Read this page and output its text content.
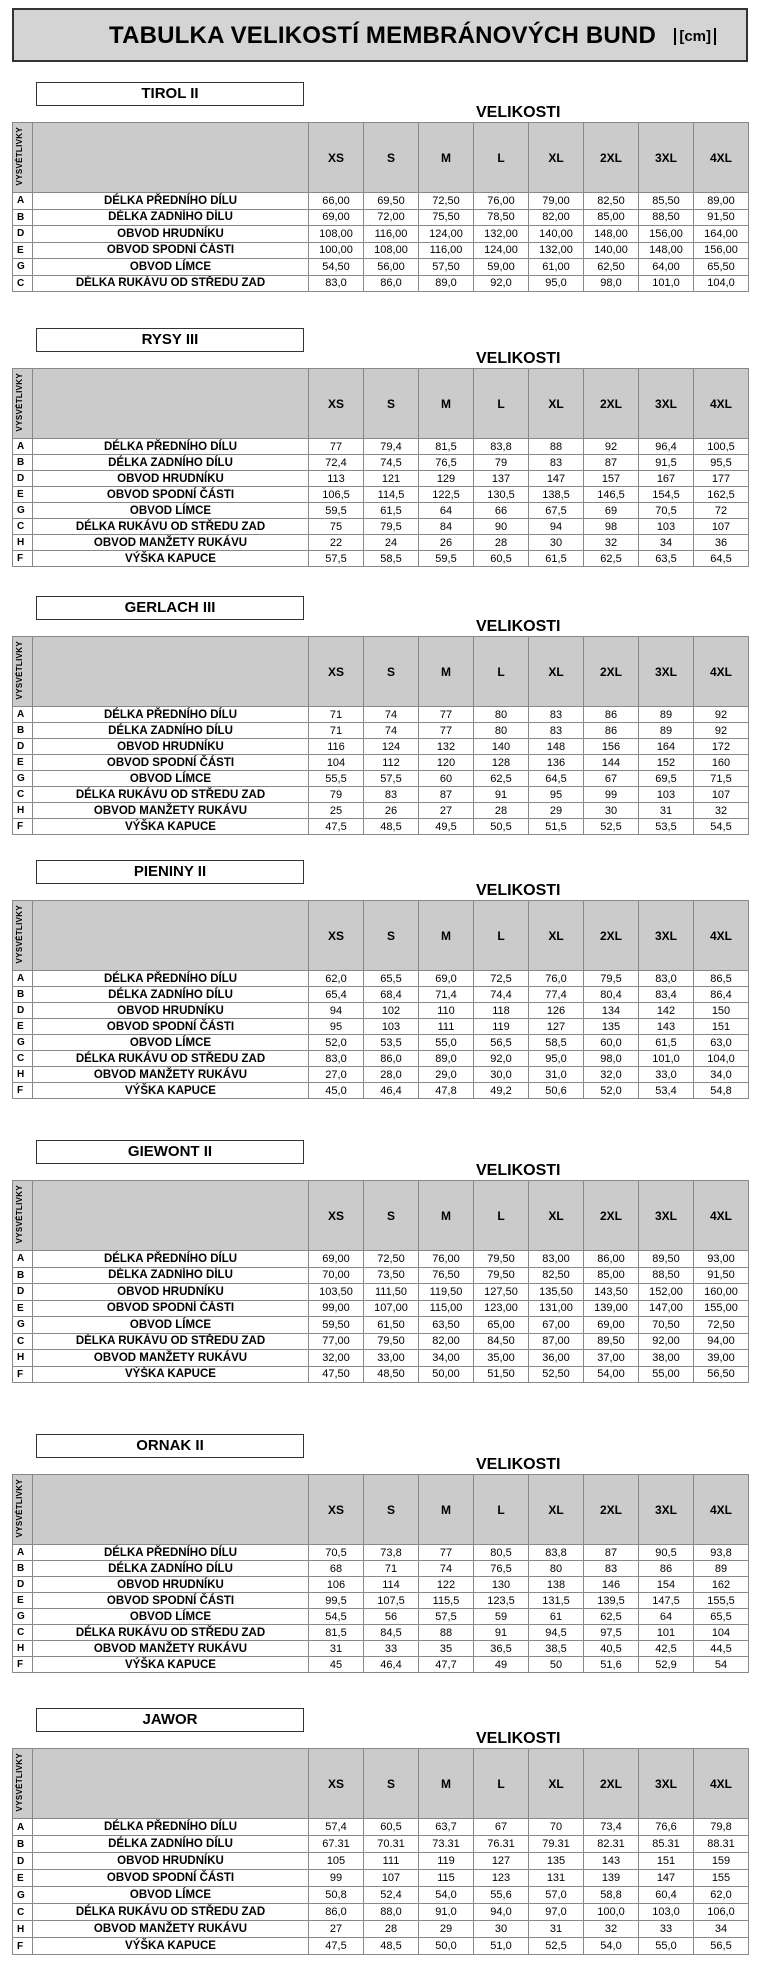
TABULKA VELIKOSTÍ MEMBRÁNOVÝCH BUND	[cm]
TIROL II
VELIKOSTI
VYSVĚTLIVKY		XS	S	M	L	XL	2XL	3XL	4XL
A	DÉLKA PŘEDNÍHO DÍLU	66,00	69,50	72,50	76,00	79,00	82,50	85,50	89,00
B	DÉLKA ZADNÍHO DÍLU	69,00	72,00	75,50	78,50	82,00	85,00	88,50	91,50
D	OBVOD HRUDNÍKU	108,00	116,00	124,00	132,00	140,00	148,00	156,00	164,00
E	OBVOD SPODNÍ ČÁSTI	100,00	108,00	116,00	124,00	132,00	140,00	148,00	156,00
G	OBVOD LÍMCE	54,50	56,00	57,50	59,00	61,00	62,50	64,00	65,50
C	DÉLKA RUKÁVU OD STŘEDU ZAD	83,0	86,0	89,0	92,0	95,0	98,0	101,0	104,0
RYSY III
VELIKOSTI
VYSVĚTLIVKY		XS	S	M	L	XL	2XL	3XL	4XL
A	DÉLKA PŘEDNÍHO DÍLU	77	79,4	81,5	83,8	88	92	96,4	100,5
B	DÉLKA ZADNÍHO DÍLU	72,4	74,5	76,5	79	83	87	91,5	95,5
D	OBVOD HRUDNÍKU	113	121	129	137	147	157	167	177
E	OBVOD SPODNÍ ČÁSTI	106,5	114,5	122,5	130,5	138,5	146,5	154,5	162,5
G	OBVOD LÍMCE	59,5	61,5	64	66	67,5	69	70,5	72
C	DÉLKA RUKÁVU OD STŘEDU ZAD	75	79,5	84	90	94	98	103	107
H	OBVOD MANŽETY RUKÁVU	22	24	26	28	30	32	34	36
F	VÝŠKA KAPUCE	57,5	58,5	59,5	60,5	61,5	62,5	63,5	64,5
GERLACH III
VELIKOSTI
VYSVĚTLIVKY		XS	S	M	L	XL	2XL	3XL	4XL
A	DÉLKA PŘEDNÍHO DÍLU	71	74	77	80	83	86	89	92
B	DÉLKA ZADNÍHO DÍLU	71	74	77	80	83	86	89	92
D	OBVOD HRUDNÍKU	116	124	132	140	148	156	164	172
E	OBVOD SPODNÍ ČÁSTI	104	112	120	128	136	144	152	160
G	OBVOD LÍMCE	55,5	57,5	60	62,5	64,5	67	69,5	71,5
C	DÉLKA RUKÁVU OD STŘEDU ZAD	79	83	87	91	95	99	103	107
H	OBVOD MANŽETY RUKÁVU	25	26	27	28	29	30	31	32
F	VÝŠKA KAPUCE	47,5	48,5	49,5	50,5	51,5	52,5	53,5	54,5
PIENINY II
VELIKOSTI
VYSVĚTLIVKY		XS	S	M	L	XL	2XL	3XL	4XL
A	DÉLKA PŘEDNÍHO DÍLU	62,0	65,5	69,0	72,5	76,0	79,5	83,0	86,5
B	DÉLKA ZADNÍHO DÍLU	65,4	68,4	71,4	74,4	77,4	80,4	83,4	86,4
D	OBVOD HRUDNÍKU	94	102	110	118	126	134	142	150
E	OBVOD SPODNÍ ČÁSTI	95	103	111	119	127	135	143	151
G	OBVOD LÍMCE	52,0	53,5	55,0	56,5	58,5	60,0	61,5	63,0
C	DÉLKA RUKÁVU OD STŘEDU ZAD	83,0	86,0	89,0	92,0	95,0	98,0	101,0	104,0
H	OBVOD MANŽETY RUKÁVU	27,0	28,0	29,0	30,0	31,0	32,0	33,0	34,0
F	VÝŠKA KAPUCE	45,0	46,4	47,8	49,2	50,6	52,0	53,4	54,8
GIEWONT II
VELIKOSTI
VYSVĚTLIVKY		XS	S	M	L	XL	2XL	3XL	4XL
A	DÉLKA PŘEDNÍHO DÍLU	69,00	72,50	76,00	79,50	83,00	86,00	89,50	93,00
B	DÉLKA ZADNÍHO DÍLU	70,00	73,50	76,50	79,50	82,50	85,00	88,50	91,50
D	OBVOD HRUDNÍKU	103,50	111,50	119,50	127,50	135,50	143,50	152,00	160,00
E	OBVOD SPODNÍ ČÁSTI	99,00	107,00	115,00	123,00	131,00	139,00	147,00	155,00
G	OBVOD LÍMCE	59,50	61,50	63,50	65,00	67,00	69,00	70,50	72,50
C	DÉLKA RUKÁVU OD STŘEDU ZAD	77,00	79,50	82,00	84,50	87,00	89,50	92,00	94,00
H	OBVOD MANŽETY RUKÁVU	32,00	33,00	34,00	35,00	36,00	37,00	38,00	39,00
F	VÝŠKA KAPUCE	47,50	48,50	50,00	51,50	52,50	54,00	55,00	56,50
ORNAK II
VELIKOSTI
VYSVĚTLIVKY		XS	S	M	L	XL	2XL	3XL	4XL
A	DÉLKA PŘEDNÍHO DÍLU	70,5	73,8	77	80,5	83,8	87	90,5	93,8
B	DÉLKA ZADNÍHO DÍLU	68	71	74	76,5	80	83	86	89
D	OBVOD HRUDNÍKU	106	114	122	130	138	146	154	162
E	OBVOD SPODNÍ ČÁSTI	99,5	107,5	115,5	123,5	131,5	139,5	147,5	155,5
G	OBVOD LÍMCE	54,5	56	57,5	59	61	62,5	64	65,5
C	DÉLKA RUKÁVU OD STŘEDU ZAD	81,5	84,5	88	91	94,5	97,5	101	104
H	OBVOD MANŽETY RUKÁVU	31	33	35	36,5	38,5	40,5	42,5	44,5
F	VÝŠKA KAPUCE	45	46,4	47,7	49	50	51,6	52,9	54
JAWOR
VELIKOSTI
VYSVĚTLIVKY		XS	S	M	L	XL	2XL	3XL	4XL
A	DÉLKA PŘEDNÍHO DÍLU	57,4	60,5	63,7	67	70	73,4	76,6	79,8
B	DÉLKA ZADNÍHO DÍLU	67.31	70.31	73.31	76.31	79.31	82.31	85.31	88.31
D	OBVOD HRUDNÍKU	105	111	119	127	135	143	151	159
E	OBVOD SPODNÍ ČÁSTI	99	107	115	123	131	139	147	155
G	OBVOD LÍMCE	50,8	52,4	54,0	55,6	57,0	58,8	60,4	62,0
C	DÉLKA RUKÁVU OD STŘEDU ZAD	86,0	88,0	91,0	94,0	97,0	100,0	103,0	106,0
H	OBVOD MANŽETY RUKÁVU	27	28	29	30	31	32	33	34
F	VÝŠKA KAPUCE	47,5	48,5	50,0	51,0	52,5	54,0	55,0	56,5
